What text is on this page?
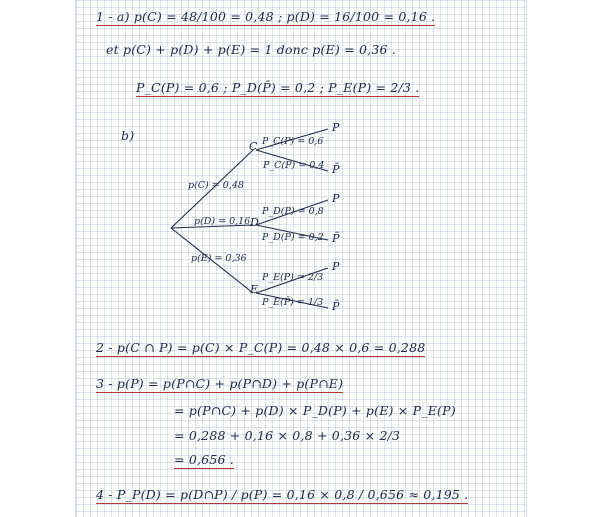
1 - a) p(C) = 48/100 = 0,48 ; p(D) = 16/100 = 0,16 .
et p(C) + p(D) + p(E) = 1 donc p(E) = 0,36 .
P_C(P) = 0,6 ; P_D(P̄) = 0,2 ; P_E(P) = 2/3 .
b)
p(C) = 0,48
p(D) = 0,16
p(E) = 0,36
C
D
E
P_C(P) = 0,6
P_C(P̄) = 0,4
P_D(P) = 0,8
P_D(P̄) = 0,2
P_E(P) = 2/3
P_E(P̄) = 1/3
P
P̄
P
P̄
P
P̄
2 - p(C ∩ P) = p(C) × P_C(P) = 0,48 × 0,6 = 0,288
3 - p(P) = p(P∩C) + p(P∩D) + p(P∩E)
= p(P∩C) + p(D) × P_D(P) + p(E) × P_E(P)
= 0,288 + 0,16 × 0,8 + 0,36 × 2/3
= 0,656 .
4 - P_P(D) = p(D∩P) / p(P) = 0,16 × 0,8 / 0,656 ≈ 0,195 .
